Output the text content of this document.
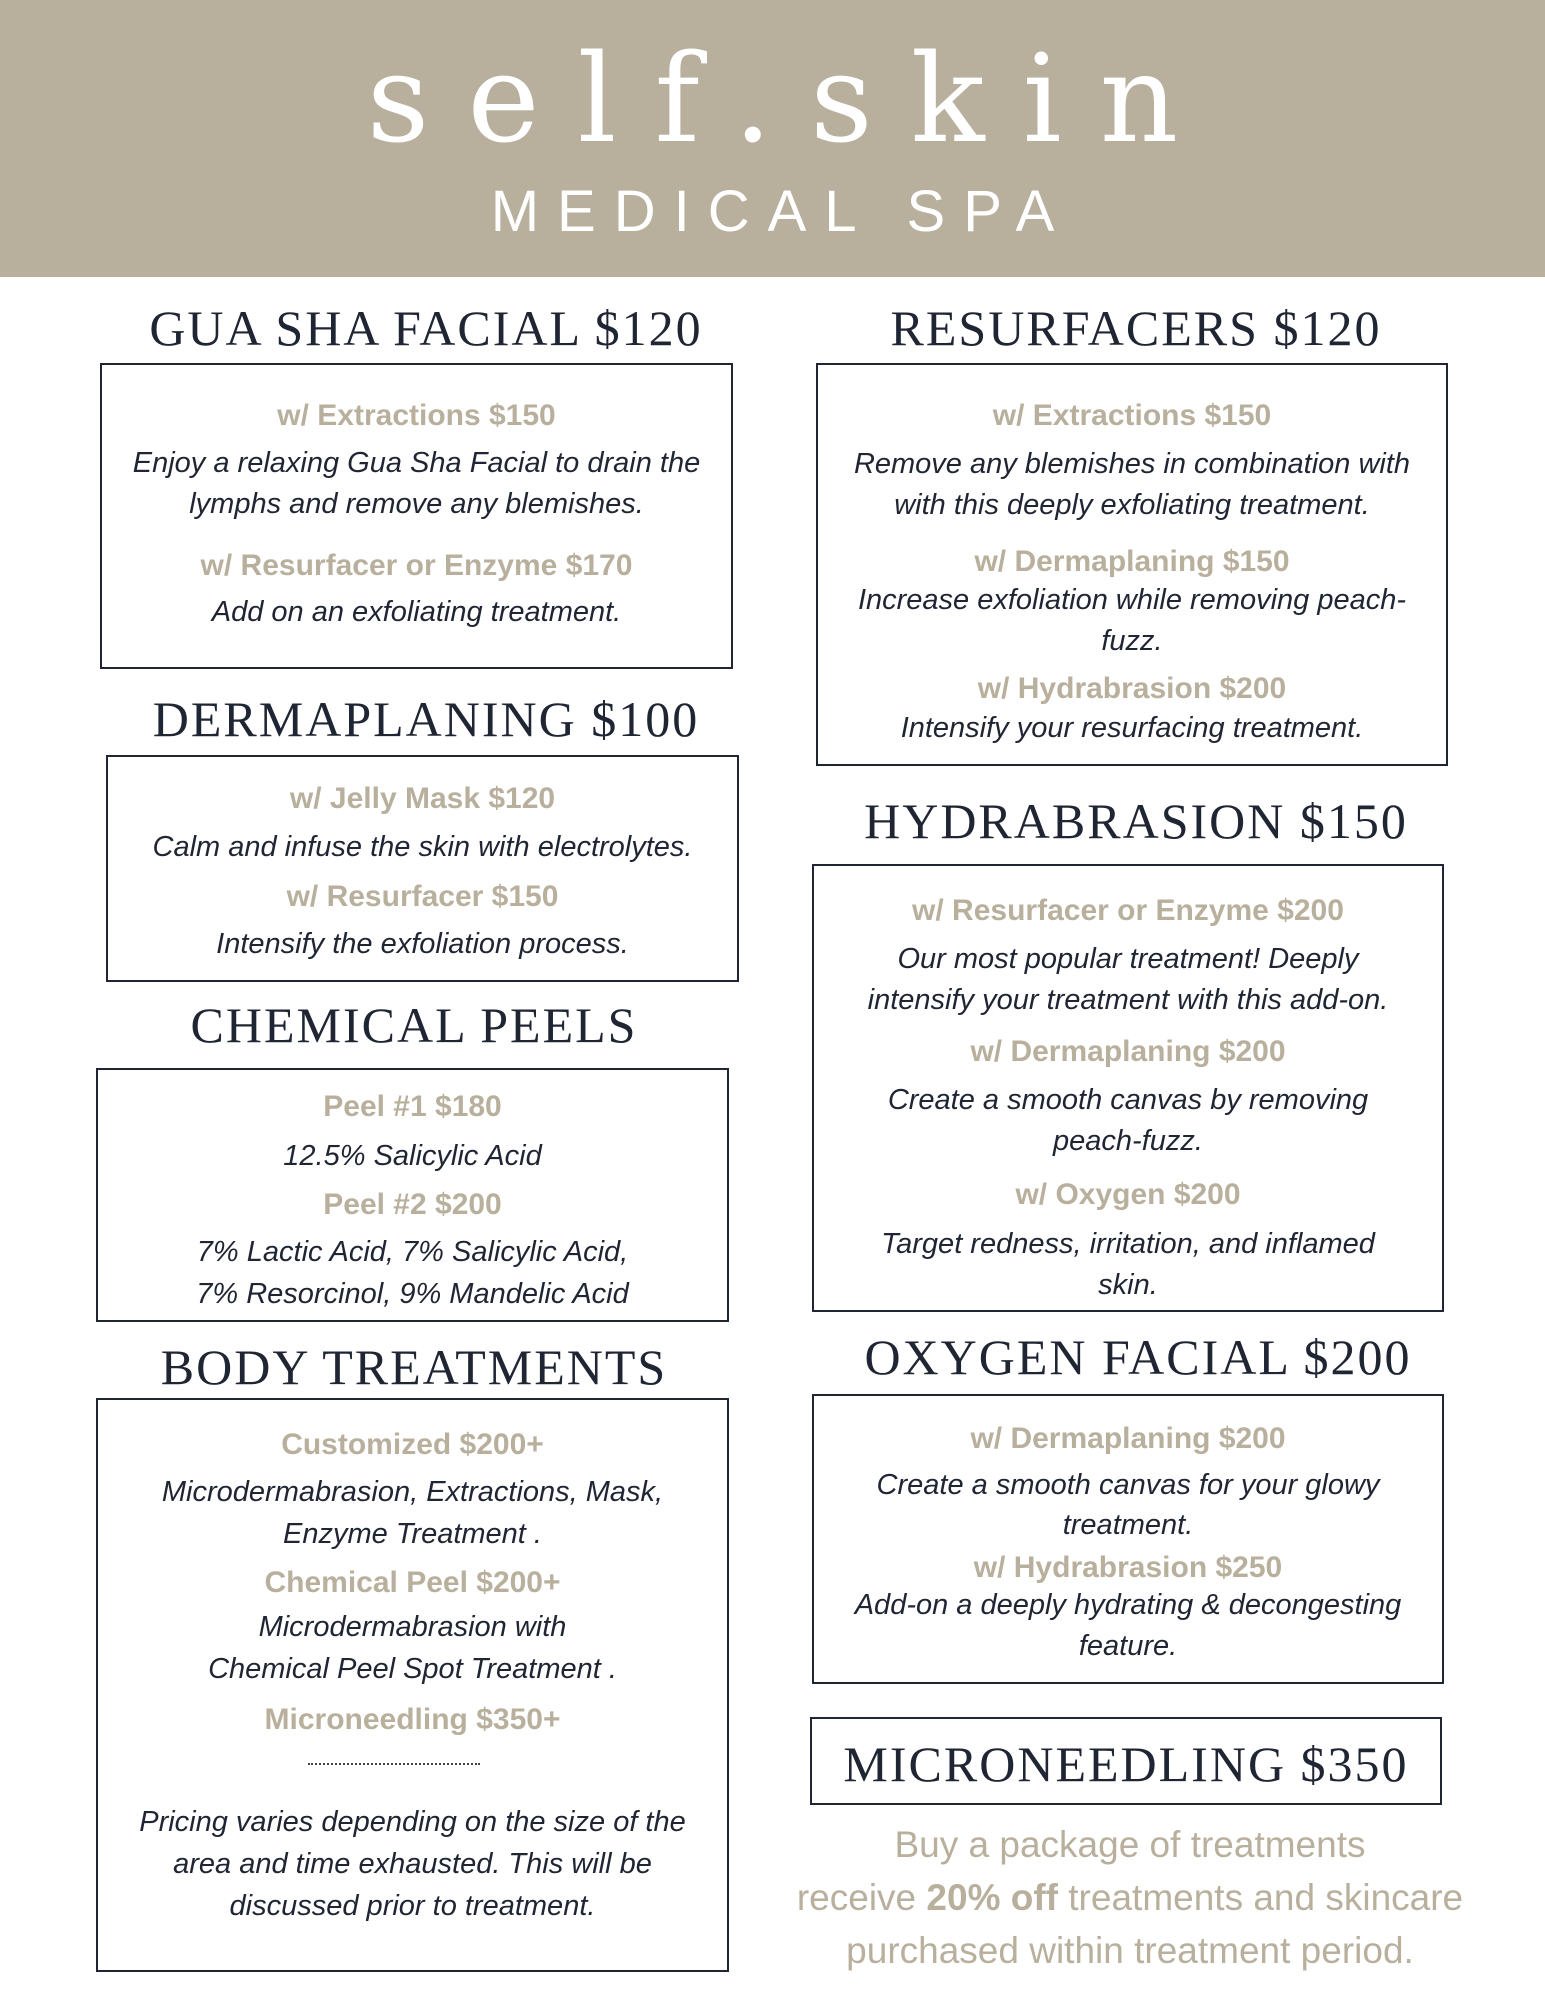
self.skin
MEDICAL SPA
GUA SHA FACIAL $120
w/ Extractions $150
Enjoy a relaxing Gua Sha Facial to drain the
lymphs and remove any blemishes.
w/ Resurfacer or Enzyme $170
Add on an exfoliating treatment.
DERMAPLANING $100
w/ Jelly Mask $120
Calm and infuse the skin with electrolytes.
w/ Resurfacer $150
Intensify the exfoliation process.
CHEMICAL PEELS
Peel #1 $180
12.5% Salicylic Acid
Peel #2 $200
7% Lactic Acid, 7% Salicylic Acid,
7% Resorcinol, 9% Mandelic Acid
BODY TREATMENTS
Customized $200+
Microdermabrasion, Extractions, Mask,
Enzyme Treatment .
Chemical Peel $200+
Microdermabrasion with
Chemical Peel Spot Treatment .
Microneedling $350+
Pricing varies depending on the size of the
area and time exhausted. This will be
discussed prior to treatment.
RESURFACERS $120
w/ Extractions $150
Remove any blemishes in combination with
with this deeply exfoliating treatment.
w/ Dermaplaning $150
Increase exfoliation while removing peach-
fuzz.
w/ Hydrabrasion $200
Intensify your resurfacing treatment.
HYDRABRASION $150
w/ Resurfacer or Enzyme $200
Our most popular treatment! Deeply
intensify your treatment with this add-on.
w/ Dermaplaning $200
Create a smooth canvas by removing
peach-fuzz.
w/ Oxygen $200
Target redness, irritation, and inflamed
skin.
OXYGEN FACIAL $200
w/ Dermaplaning $200
Create a smooth canvas for your glowy
treatment.
w/ Hydrabrasion $250
Add-on a deeply hydrating & decongesting
feature.
MICRONEEDLING $350
Buy a package of treatments
receive 20% off treatments and skincare
purchased within treatment period.
